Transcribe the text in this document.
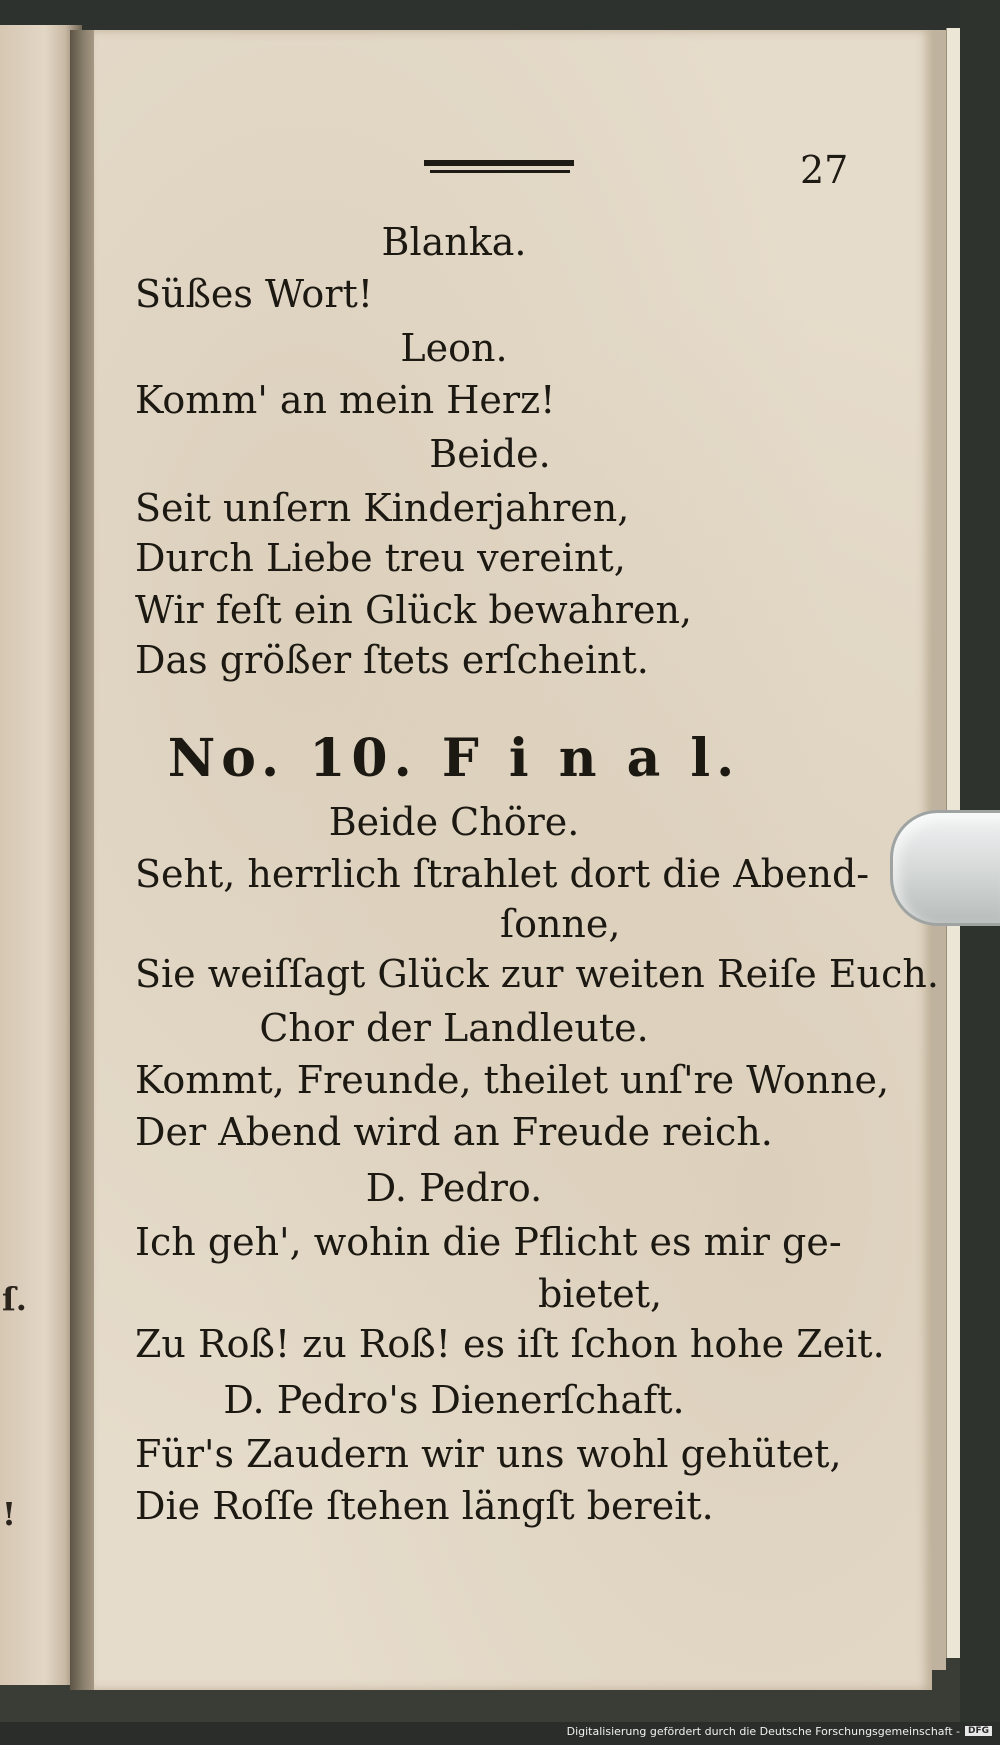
ſ.
!
27
Blanka.
Süßes Wort!
Leon.
Komm' an mein Herz!
Beide.
Seit unſern Kinderjahren,
Durch Liebe treu vereint,
Wir feſt ein Glück bewahren,
Das größer ſtets erſcheint.
No. 10. F i n a l.
Beide Chöre.
Seht, herrlich ſtrahlet dort die Abend-
ſonne,
Sie weiſſagt Glück zur weiten Reiſe Euch.
Chor der Landleute.
Kommt, Freunde, theilet unſ're Wonne,
Der Abend wird an Freude reich.
D. Pedro.
Ich geh', wohin die Pflicht es mir ge-
bietet,
Zu Roß! zu Roß! es iſt ſchon hohe Zeit.
D. Pedro's Dienerſchaft.
Für's Zaudern wir uns wohl gehütet,
Die Roſſe ſtehen längſt bereit.
Digitalisierung gefördert durch die Deutsche Forschungsgemeinschaft - DFG
